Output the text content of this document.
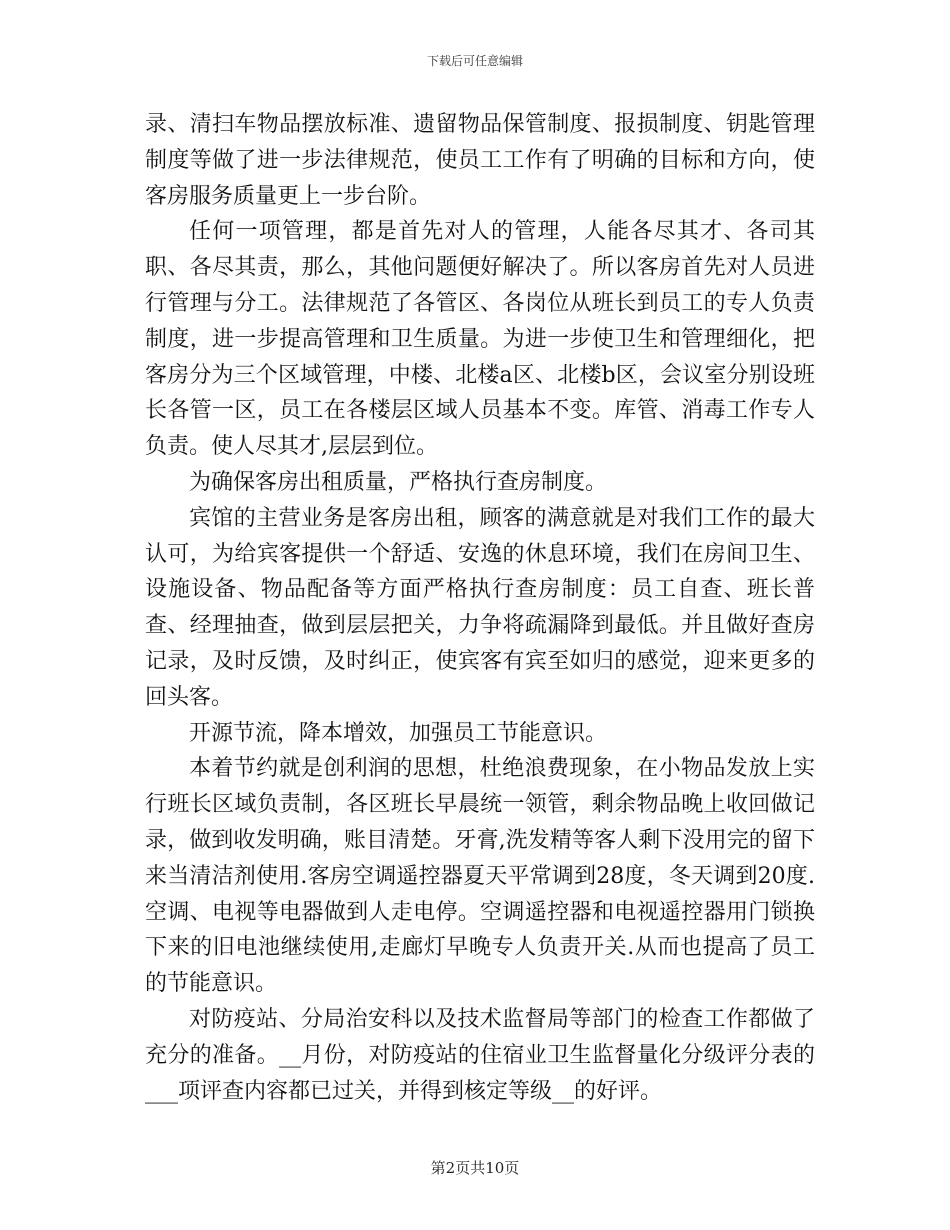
下载后可任意编辑

录、清扫车物品摆放标准、遗留物品保管制度、报损制度、钥匙管理制度等做了进一步法律规范，使员工工作有了明确的目标和方向，使客房服务质量更上一步台阶。

任何一项管理，都是首先对人的管理，人能各尽其才、各司其职、各尽其责，那么，其他问题便好解决了。所以客房首先对人员进行管理与分工。法律规范了各管区、各岗位从班长到员工的专人负责制度，进一步提高管理和卫生质量。为进一步使卫生和管理细化，把客房分为三个区域管理，中楼、北楼a区、北楼b区，会议室分别设班长各管一区，员工在各楼层区域人员基本不变。库管、消毒工作专人负责。使人尽其才,层层到位。

为确保客房出租质量，严格执行查房制度。

宾馆的主营业务是客房出租，顾客的满意就是对我们工作的最大认可，为给宾客提供一个舒适、安逸的休息环境，我们在房间卫生、设施设备、物品配备等方面严格执行查房制度：员工自查、班长普查、经理抽查，做到层层把关，力争将疏漏降到最低。并且做好查房记录，及时反馈，及时纠正，使宾客有宾至如归的感觉，迎来更多的回头客。

开源节流，降本增效，加强员工节能意识。

本着节约就是创利润的思想，杜绝浪费现象，在小物品发放上实行班长区域负责制，各区班长早晨统一领管，剩余物品晚上收回做记录，做到收发明确，账目清楚。牙膏,洗发精等客人剩下没用完的留下来当清洁剂使用.客房空调遥控器夏天平常调到28度，冬天调到20度.空调、电视等电器做到人走电停。空调遥控器和电视遥控器用门锁换下来的旧电池继续使用,走廊灯早晚专人负责开关.从而也提高了员工的节能意识。

对防疫站、分局治安科以及技术监督局等部门的检查工作都做了充分的准备。__月份，对防疫站的住宿业卫生监督量化分级评分表的___项评查内容都已过关，并得到核定等级__的好评。

第2页共10页
